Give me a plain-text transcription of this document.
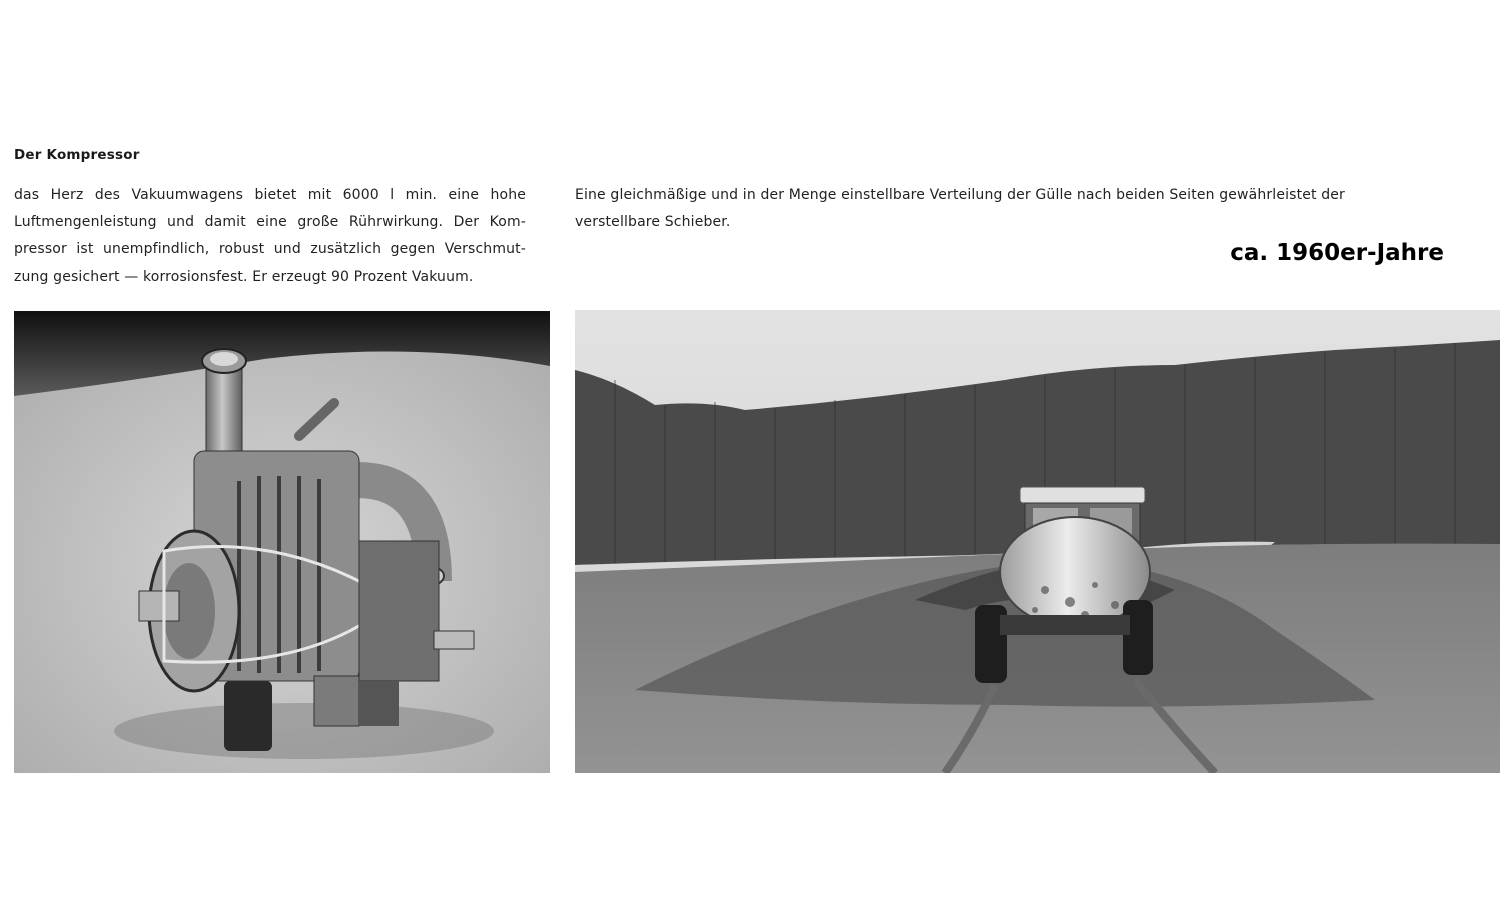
Der Kompressor
das Herz des Vakuumwagens bietet mit 6000 l min. eine hohe
Luftmengenleistung und damit eine große Rührwirkung. Der Kom-
pressor ist unempfindlich, robust und zusätzlich gegen Verschmut-
zung gesichert — korrosionsfest. Er erzeugt 90 Prozent Vakuum.
Eine gleichmäßige und in der Menge einstellbare Verteilung der Gülle nach beiden Seiten gewährleistet der
verstellbare Schieber.
ca. 1960er-Jahre
